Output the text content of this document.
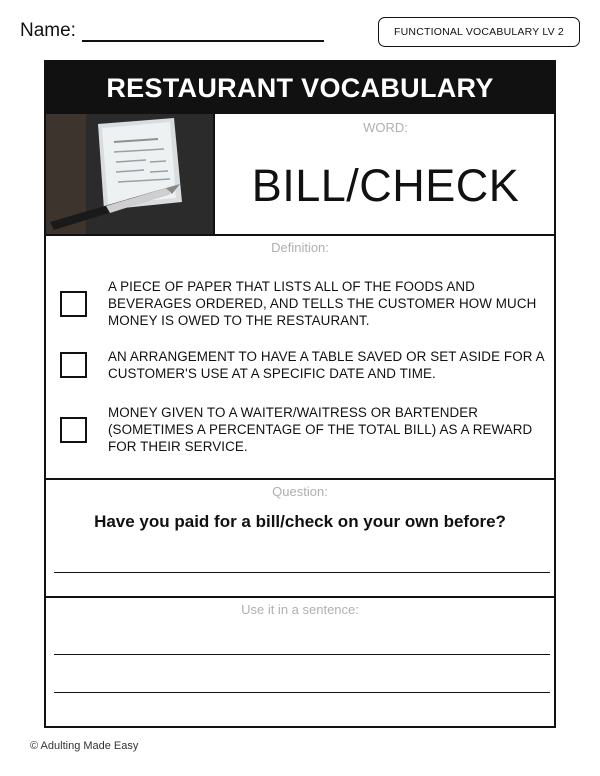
Name:	FUNCTIONAL VOCABULARY LV 2
RESTAURANT VOCABULARY
WORD:
BILL/CHECK
Definition:
A PIECE OF PAPER THAT LISTS ALL OF THE FOODS AND BEVERAGES ORDERED, AND TELLS THE CUSTOMER HOW MUCH MONEY IS OWED TO THE RESTAURANT.
AN ARRANGEMENT TO HAVE A TABLE SAVED OR SET ASIDE FOR A CUSTOMER'S USE AT A SPECIFIC DATE AND TIME.
MONEY GIVEN TO A WAITER/WAITRESS OR BARTENDER (SOMETIMES A PERCENTAGE OF THE TOTAL BILL) AS A REWARD FOR THEIR SERVICE.
Question:
Have you paid for a bill/check on your own before?
Use it in a sentence:
© Adulting Made Easy
